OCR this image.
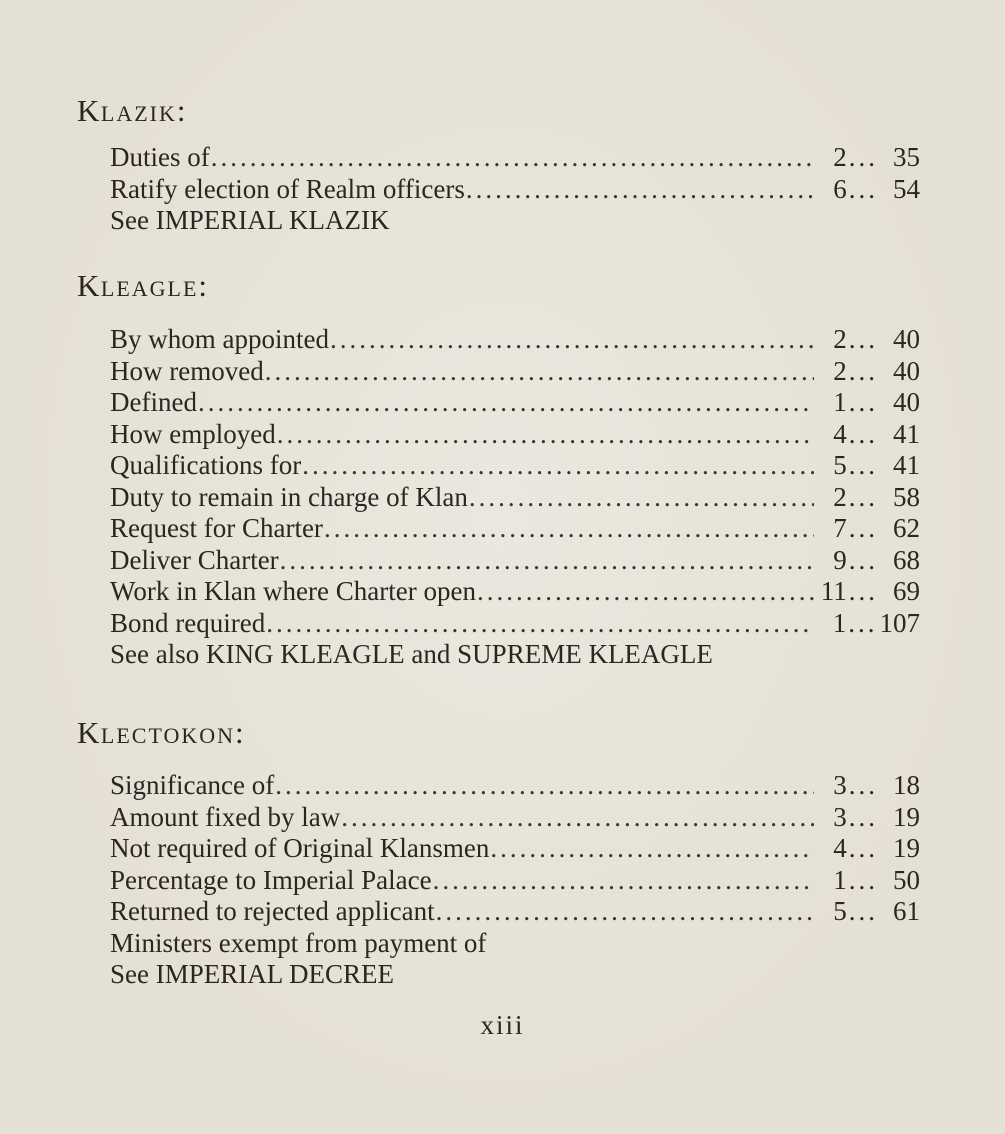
KLAZIK:
Duties of .....	2 ... 35
Ratify election of Realm officers .....	6 ... 54
See IMPERIAL KLAZIK
KLEAGLE:
By whom appointed .....	2 ... 40
How removed .....	2 ... 40
Defined .....	1 ... 40
How employed .....	4 ... 41
Qualifications for .....	5 ... 41
Duty to remain in charge of Klan .....	2 ... 58
Request for Charter .....	7 ... 62
Deliver Charter .....	9 ... 68
Work in Klan where Charter open .....	11 ... 69
Bond required .....	1 ... 107
See also KING KLEAGLE and SUPREME KLEAGLE
KLECTOKON:
Significance of .....	3 ... 18
Amount fixed by law .....	3 ... 19
Not required of Original Klansmen .....	4 ... 19
Percentage to Imperial Palace .....	1 ... 50
Returned to rejected applicant .....	5 ... 61
Ministers exempt from payment of
See IMPERIAL DECREE
xiii
